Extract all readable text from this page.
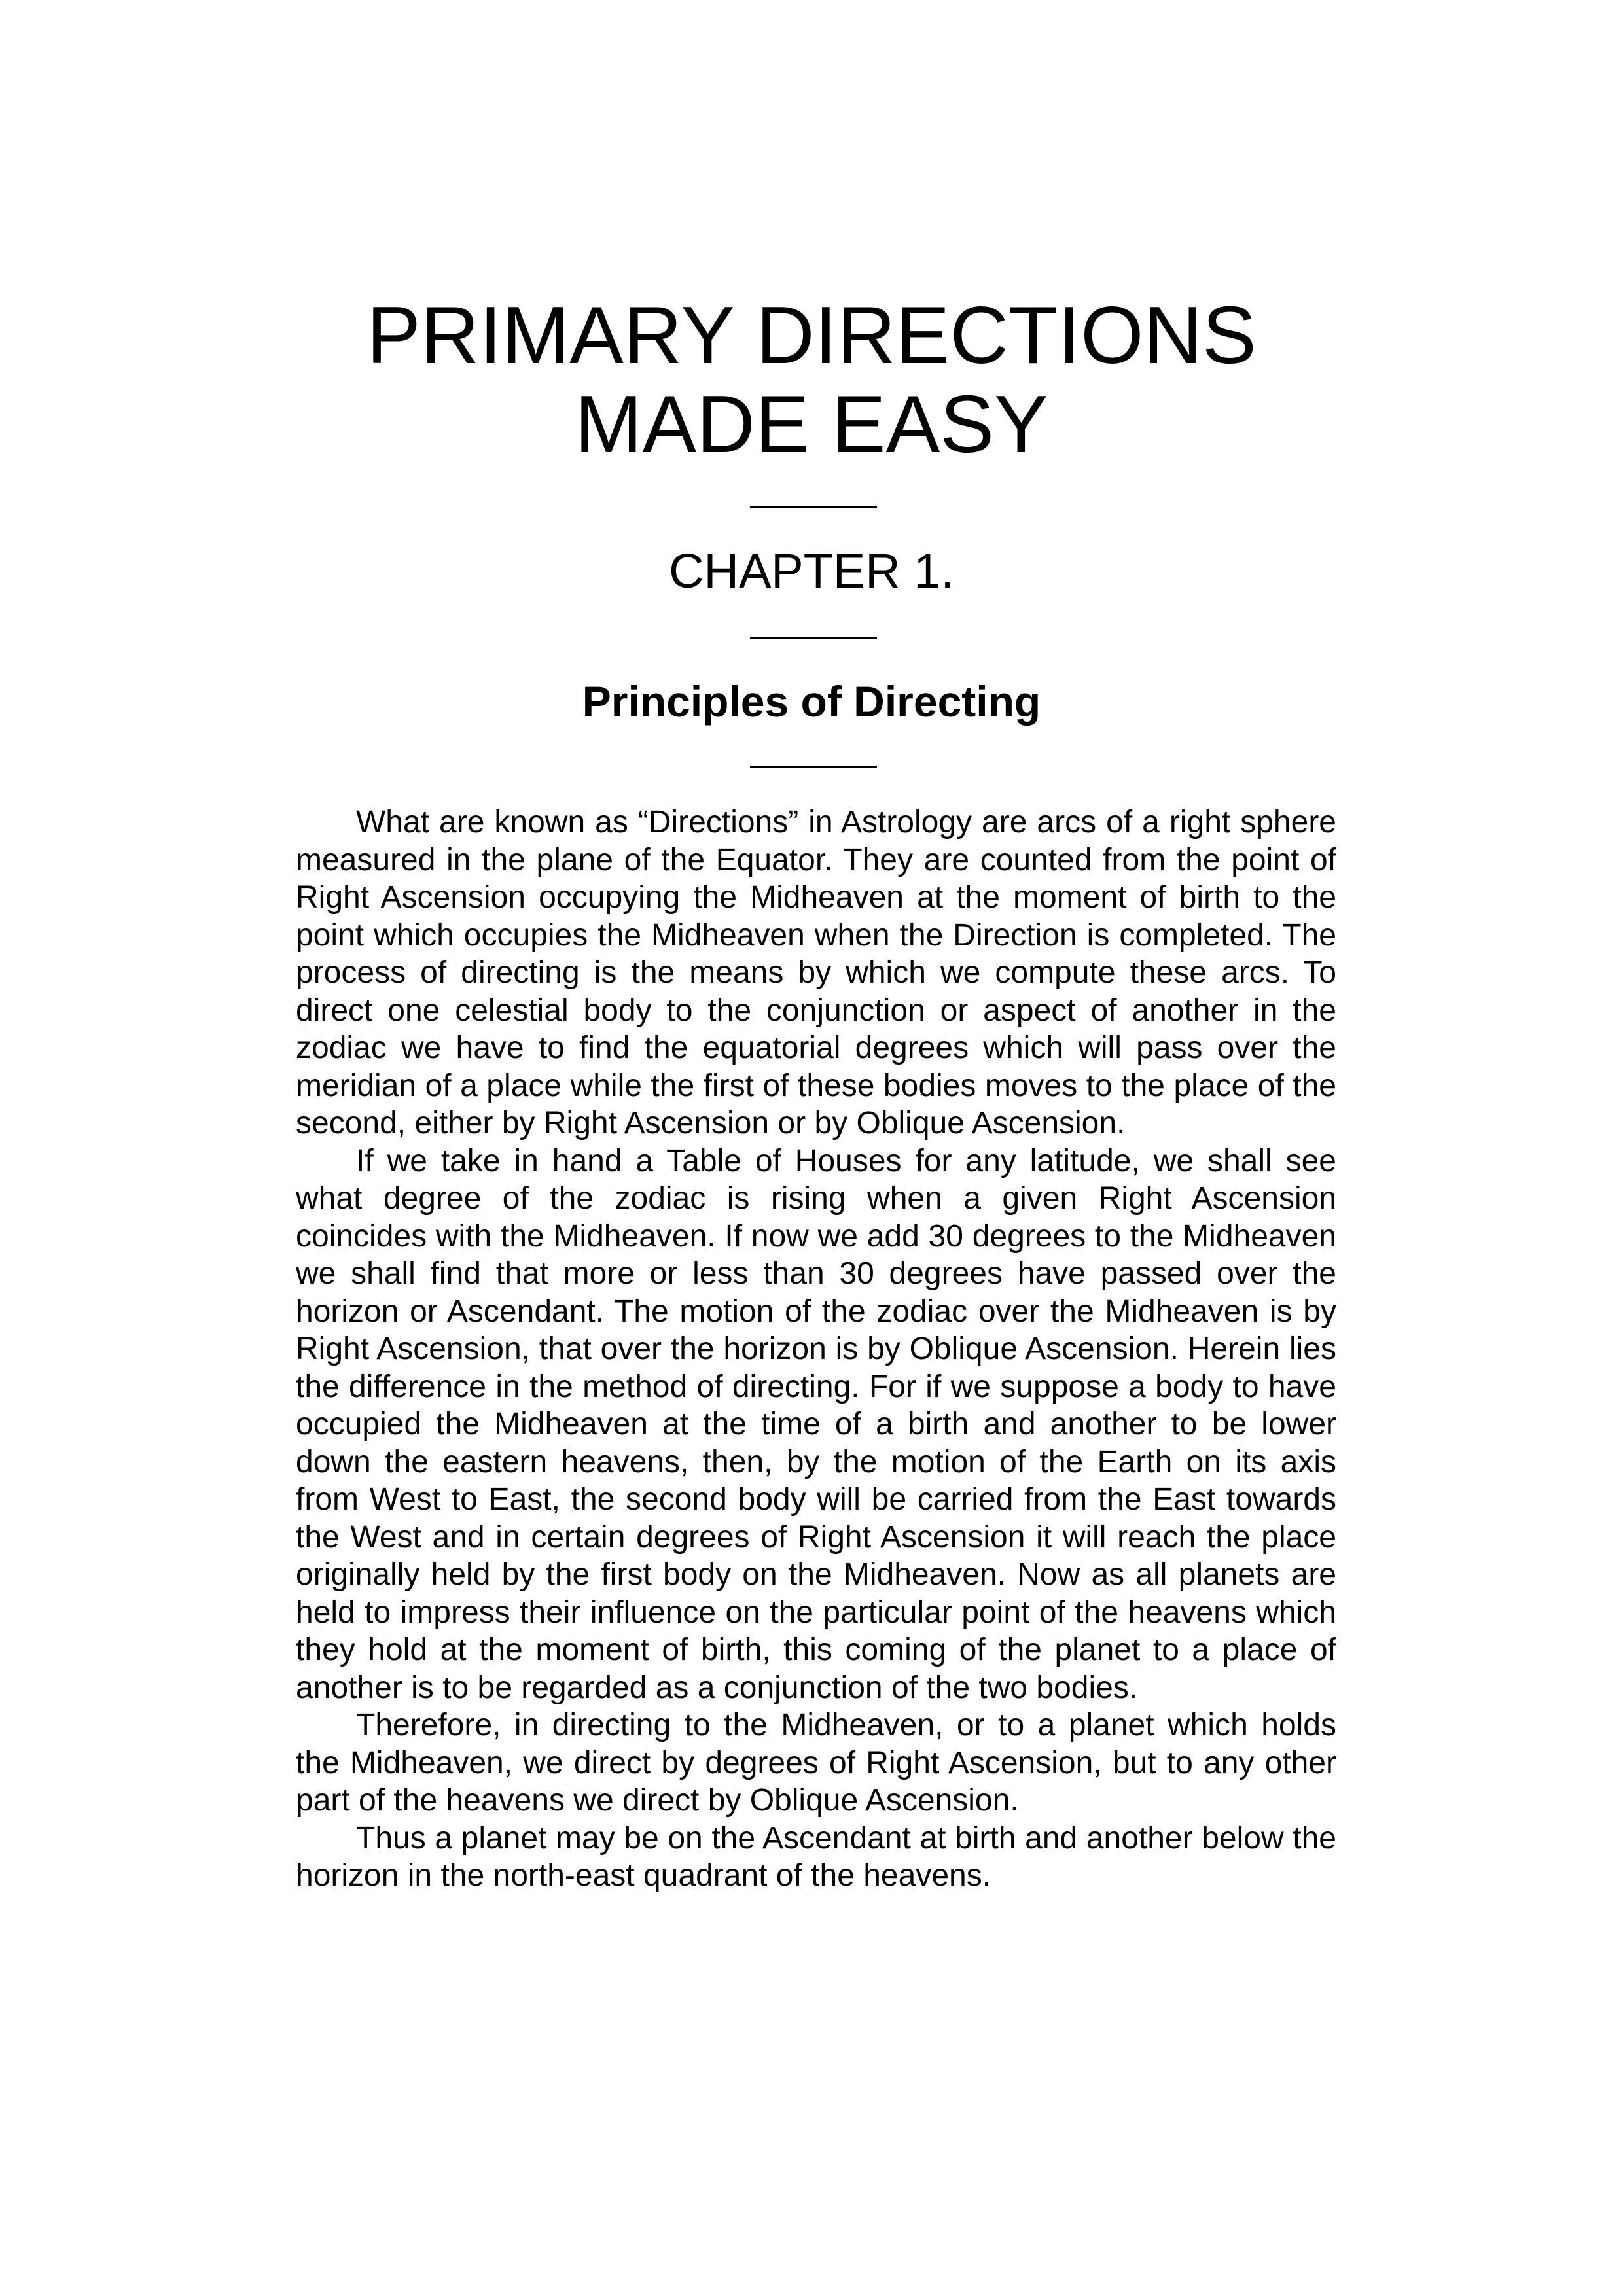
PRIMARY DIRECTIONS
MADE EASY
CHAPTER 1.
Principles of Directing

What are known as “Directions” in Astrology are arcs of a right sphere measured in the plane of the Equator. They are counted from the point of Right Ascension occupying the Midheaven at the moment of birth to the point which occupies the Midheaven when the Direction is completed. The process of directing is the means by which we compute these arcs. To direct one celestial body to the conjunction or aspect of another in the zodiac we have to find the equatorial degrees which will pass over the meridian of a place while the first of these bodies moves to the place of the second, either by Right Ascension or by Oblique Ascension.

If we take in hand a Table of Houses for any latitude, we shall see what degree of the zodiac is rising when a given Right Ascension coincides with the Midheaven. If now we add 30 degrees to the Midheaven we shall find that more or less than 30 degrees have passed over the horizon or Ascendant. The motion of the zodiac over the Midheaven is by Right Ascension, that over the horizon is by Oblique Ascension. Herein lies the difference in the method of directing. For if we suppose a body to have occupied the Midheaven at the time of a birth and another to be lower down the eastern heavens, then, by the motion of the Earth on its axis from West to East, the second body will be carried from the East towards the West and in certain degrees of Right Ascension it will reach the place originally held by the first body on the Midheaven. Now as all planets are held to impress their influence on the particular point of the heavens which they hold at the moment of birth, this coming of the planet to a place of another is to be regarded as a conjunction of the two bodies.

Therefore, in directing to the Midheaven, or to a planet which holds the Midheaven, we direct by degrees of Right Ascension, but to any other part of the heavens we direct by Oblique Ascension.

Thus a planet may be on the Ascendant at birth and another below the horizon in the north-east quadrant of the heavens.
